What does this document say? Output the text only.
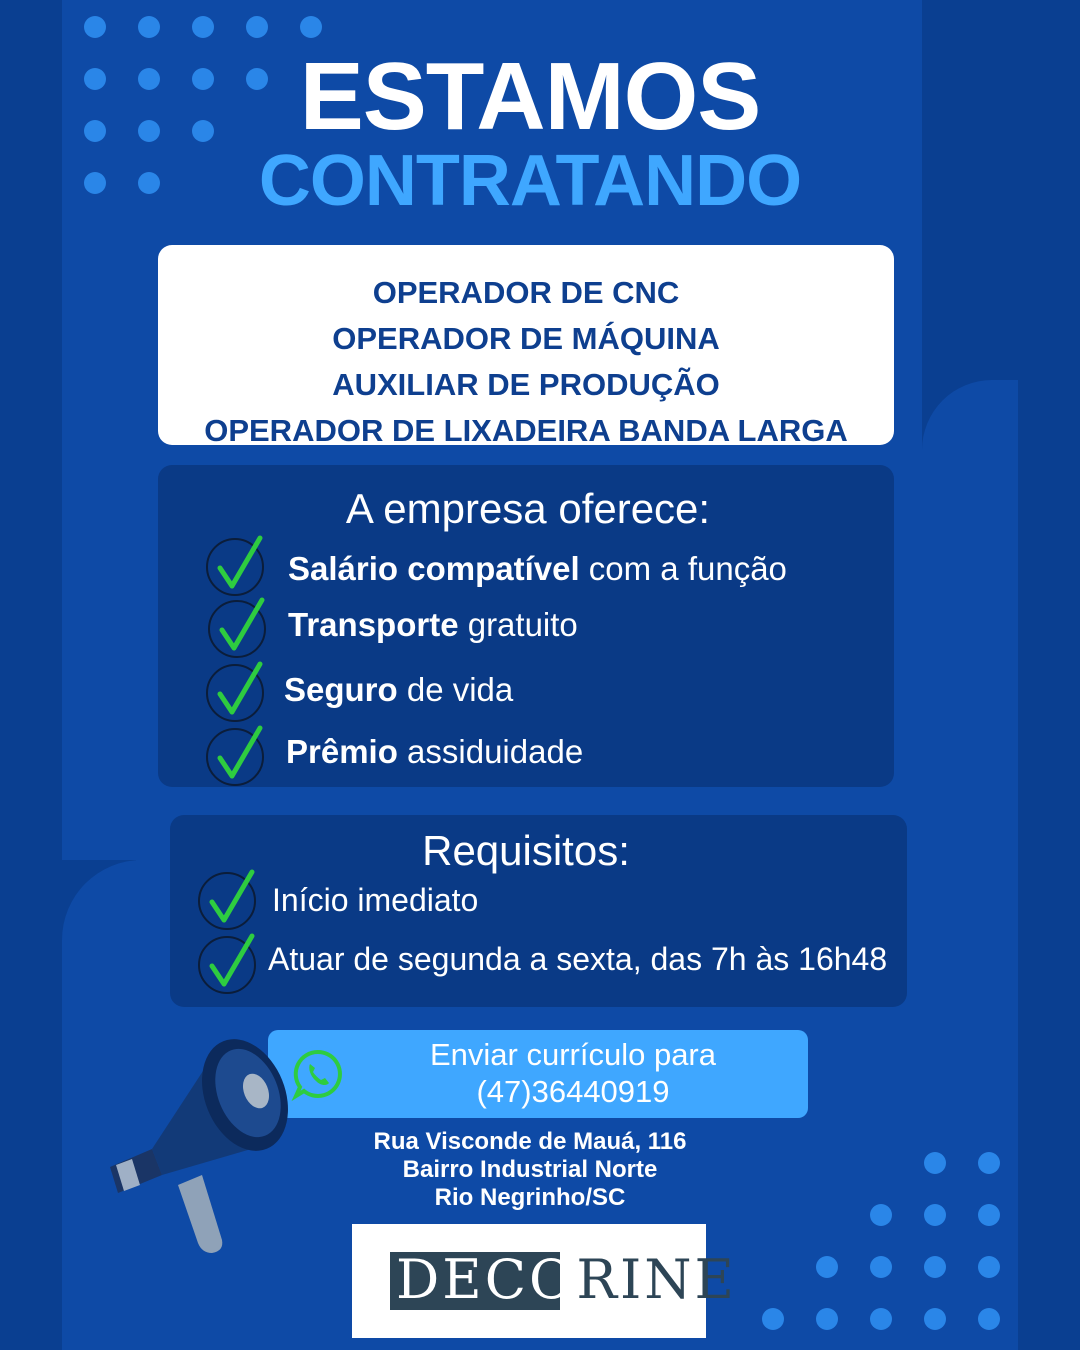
ESTAMOS
CONTRATANDO
OPERADOR DE CNC
OPERADOR DE MÁQUINA
AUXILIAR DE PRODUÇÃO
OPERADOR DE LIXADEIRA BANDA LARGA
A empresa oferece:
Salário compatível com a função
Transporte gratuito
Seguro de vida
Prêmio assiduidade
Requisitos:
Início imediato
Atuar de segunda a sexta, das 7h às 16h48
Enviar currículo para
(47)36440919
Rua Visconde de Mauá, 116
Bairro Industrial Norte
Rio Negrinho/SC
DECORINE
